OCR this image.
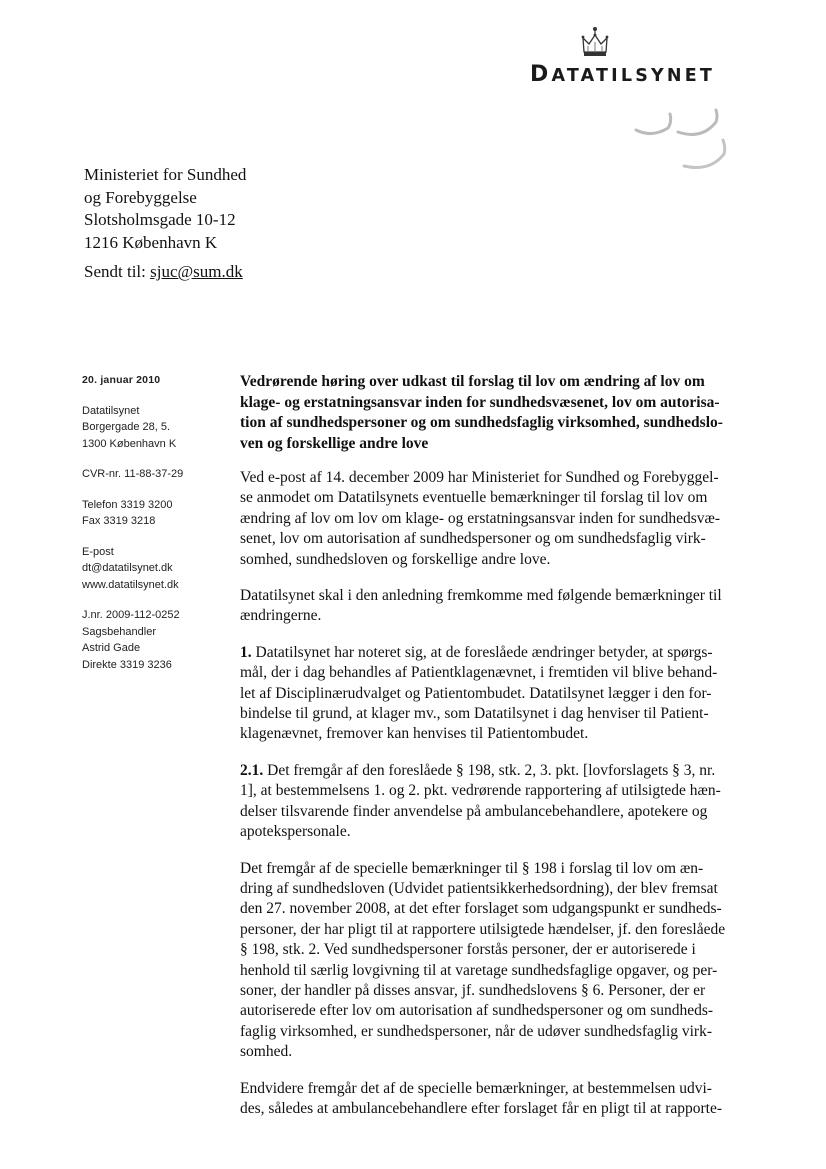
DATATILSYNET
Ministeriet for Sundhed
og Forebyggelse
Slotsholmsgade 10-12
1216 København K
Sendt til: sjuc@sum.dk
20. januar 2010
Datatilsynet
Borgergade 28, 5.
1300 København K
CVR-nr. 11-88-37-29
Telefon 3319 3200
Fax 3319 3218
E-post
dt@datatilsynet.dk
www.datatilsynet.dk
J.nr. 2009-112-0252
Sagsbehandler
Astrid Gade
Direkte 3319 3236
Vedrørende høring over udkast til forslag til lov om ændring af lov om
klage- og erstatningsansvar inden for sundhedsvæsenet, lov om autorisa-
tion af sundhedspersoner og om sundhedsfaglig virksomhed, sundhedslo-
ven og forskellige andre love

Ved e-post af 14. december 2009 har Ministeriet for Sundhed og Forebyggel-
se anmodet om Datatilsynets eventuelle bemærkninger til forslag til lov om
ændring af lov om lov om klage- og erstatningsansvar inden for sundhedsvæ-
senet, lov om autorisation af sundhedspersoner og om sundhedsfaglig virk-
somhed, sundhedsloven og forskellige andre love.

Datatilsynet skal i den anledning fremkomme med følgende bemærkninger til
ændringerne.

1. Datatilsynet har noteret sig, at de foreslåede ændringer betyder, at spørgs-
mål, der i dag behandles af Patientklagenævnet, i fremtiden vil blive behand-
let af Disciplinærudvalget og Patientombudet. Datatilsynet lægger i den for-
bindelse til grund, at klager mv., som Datatilsynet i dag henviser til Patient-
klagenævnet, fremover kan henvises til Patientombudet.

2.1. Det fremgår af den foreslåede § 198, stk. 2, 3. pkt. [lovforslagets § 3, nr.
1], at bestemmelsens 1. og 2. pkt. vedrørende rapportering af utilsigtede hæn-
delser tilsvarende finder anvendelse på ambulancebehandlere, apotekere og
apotekspersonale.

Det fremgår af de specielle bemærkninger til § 198 i forslag til lov om æn-
dring af sundhedsloven (Udvidet patientsikkerhedsordning), der blev fremsat
den 27. november 2008, at det efter forslaget som udgangspunkt er sundheds-
personer, der har pligt til at rapportere utilsigtede hændelser, jf. den foreslåede
§ 198, stk. 2. Ved sundhedspersoner forstås personer, der er autoriserede i
henhold til særlig lovgivning til at varetage sundhedsfaglige opgaver, og per-
soner, der handler på disses ansvar, jf. sundhedslovens § 6. Personer, der er
autoriserede efter lov om autorisation af sundhedspersoner og om sundheds-
faglig virksomhed, er sundhedspersoner, når de udøver sundhedsfaglig virk-
somhed.

Endvidere fremgår det af de specielle bemærkninger, at bestemmelsen udvi-
des, således at ambulancebehandlere efter forslaget får en pligt til at rapporte-
